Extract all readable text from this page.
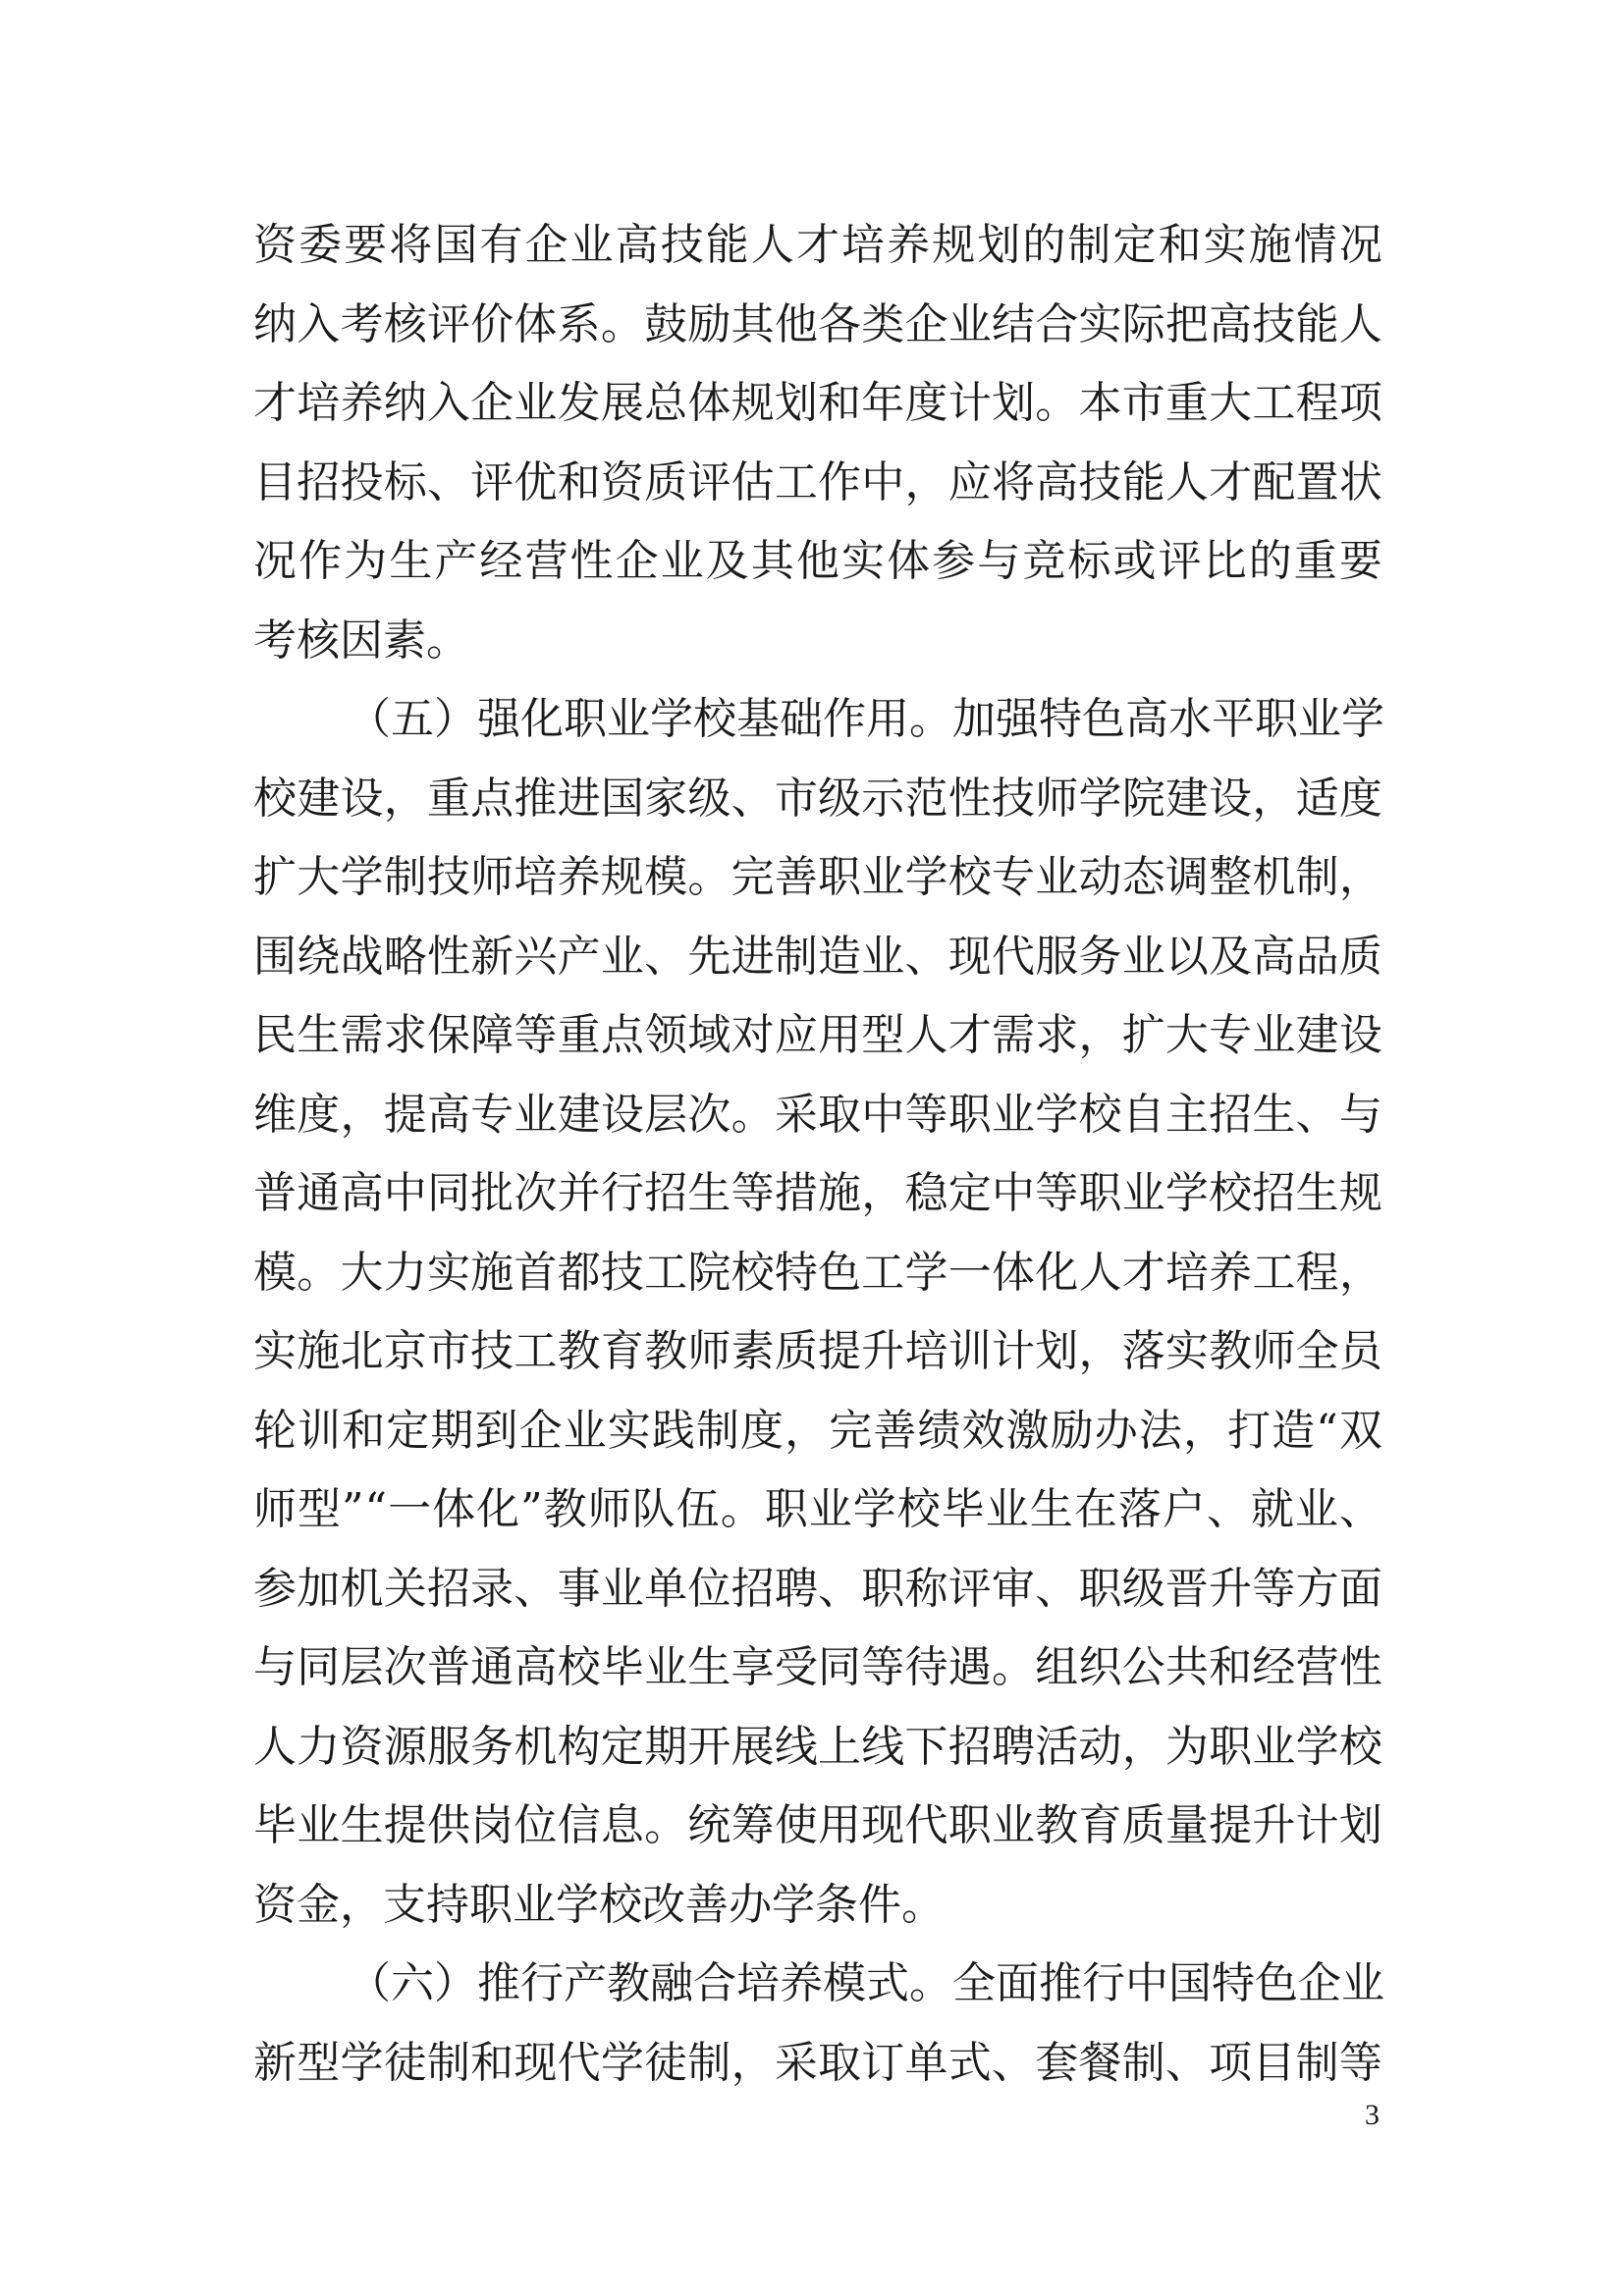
资 委 要 将 国 有 企 业 高 技 能 人 才 培 养 规 划 的 制 定 和 实 施 情 况
纳 入 考 核 评 价 体 系 。 鼓 励 其 他 各 类 企 业 结 合 实 际 把 高 技 能 人
才 培 养 纳 入 企 业 发 展 总 体 规 划 和 年 度 计 划 。 本 市 重 大 工 程 项
目 招 投 标 、 评 优 和 资 质 评 估 工 作 中 ， 应 将 高 技 能 人 才 配 置 状
况 作 为 生 产 经 营 性 企 业 及 其 他 实 体 参 与 竞 标 或 评 比 的 重 要
考核因素。
（ 五 ） 强 化 职 业 学 校 基 础 作 用 。 加 强 特 色 高 水 平 职 业 学
校 建 设 ， 重 点 推 进 国 家 级 、 市 级 示 范 性 技 师 学 院 建 设 ， 适 度
扩 大 学 制 技 师 培 养 规 模 。 完 善 职 业 学 校 专 业 动 态 调 整 机 制 ，
围 绕 战 略 性 新 兴 产 业 、 先 进 制 造 业 、 现 代 服 务 业 以 及 高 品 质
民 生 需 求 保 障 等 重 点 领 域 对 应 用 型 人 才 需 求 ， 扩 大 专 业 建 设
维 度 ， 提 高 专 业 建 设 层 次 。 采 取 中 等 职 业 学 校 自 主 招 生 、 与
普 通 高 中 同 批 次 并 行 招 生 等 措 施 ， 稳 定 中 等 职 业 学 校 招 生 规
模 。 大 力 实 施 首 都 技 工 院 校 特 色 工 学 一 体 化 人 才 培 养 工 程 ，
实 施 北 京 市 技 工 教 育 教 师 素 质 提 升 培 训 计 划 ， 落 实 教 师 全 员
轮 训 和 定 期 到 企 业 实 践 制 度 ， 完 善 绩 效 激 励 办 法 ， 打 造 “ 双
师 型 ” “ 一 体 化 ” 教 师 队 伍 。 职 业 学 校 毕 业 生 在 落 户 、 就 业 、
参 加 机 关 招 录 、 事 业 单 位 招 聘 、 职 称 评 审 、 职 级 晋 升 等 方 面
与 同 层 次 普 通 高 校 毕 业 生 享 受 同 等 待 遇 。 组 织 公 共 和 经 营 性
人 力 资 源 服 务 机 构 定 期 开 展 线 上 线 下 招 聘 活 动 ， 为 职 业 学 校
毕 业 生 提 供 岗 位 信 息 。 统 筹 使 用 现 代 职 业 教 育 质 量 提 升 计 划
资金，支持职业学校改善办学条件。
（ 六 ） 推 行 产 教 融 合 培 养 模 式 。 全 面 推 行 中 国 特 色 企 业
新 型 学 徒 制 和 现 代 学 徒 制 ， 采 取 订 单 式 、 套 餐 制 、 项 目 制 等
3
